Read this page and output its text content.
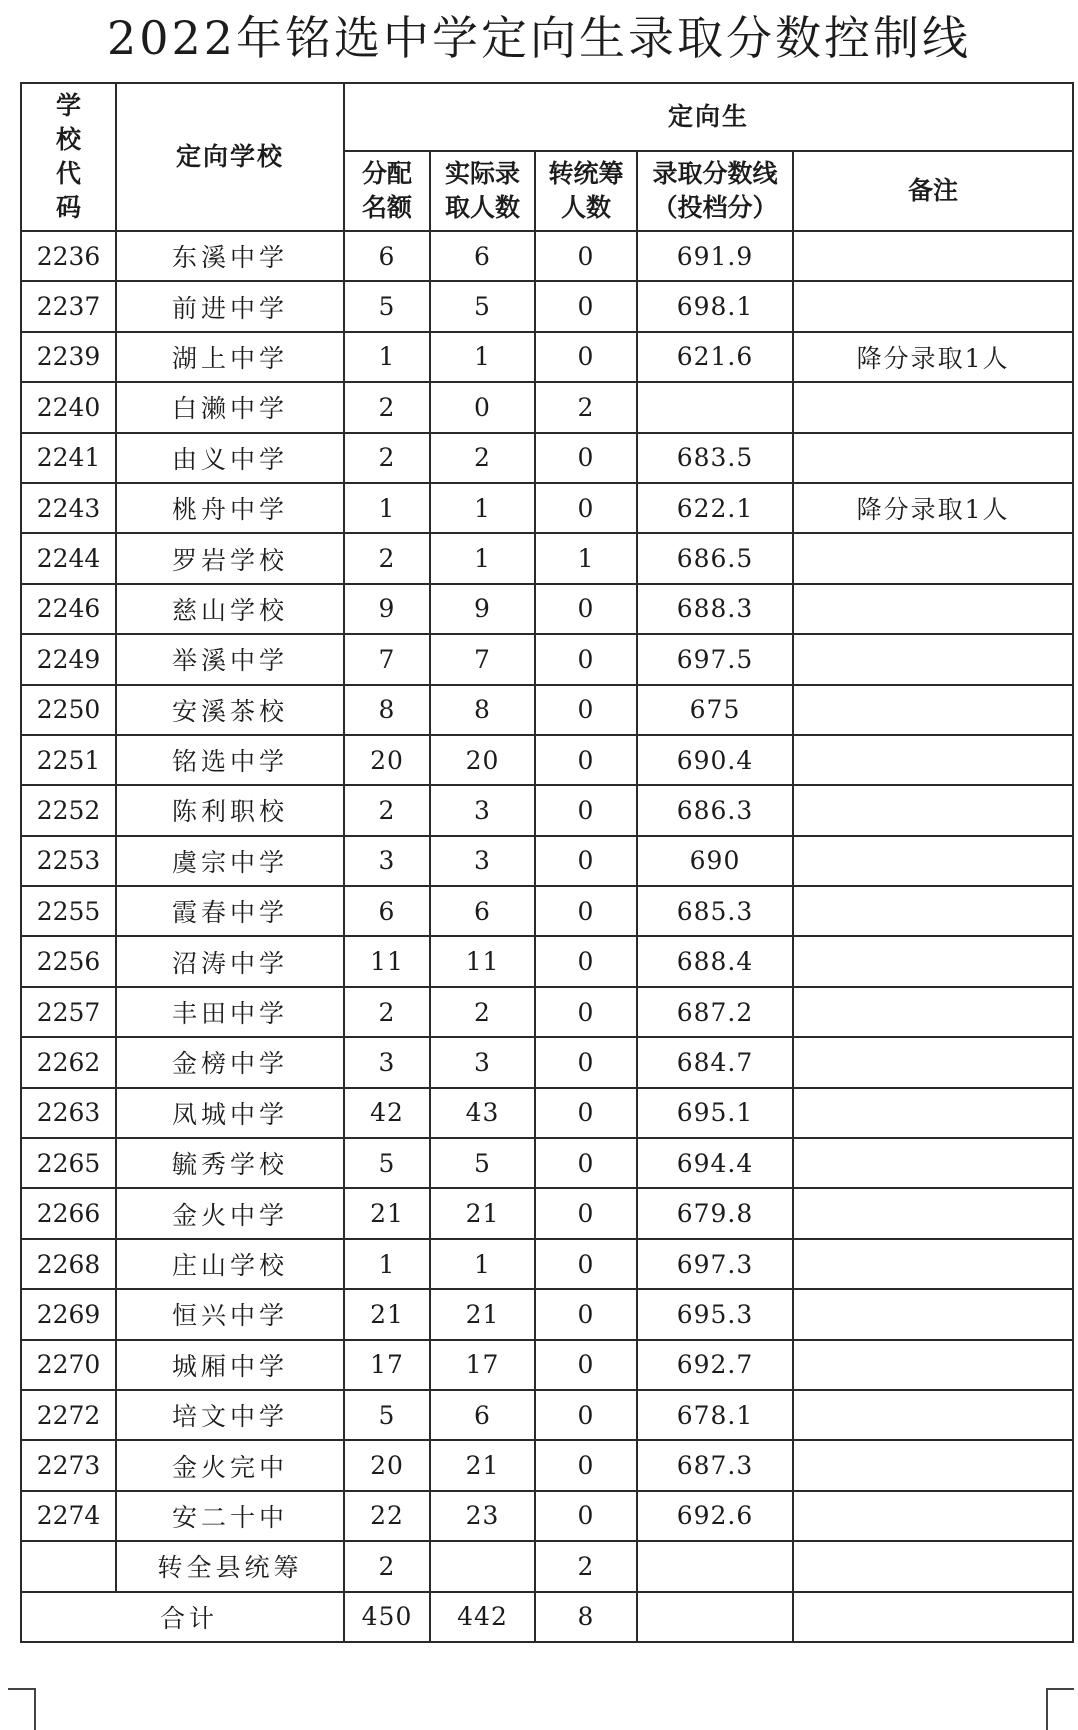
2022年铭选中学定向生录取分数控制线
学校代码	定向学校	定向生				
		分配名额	实际录取人数	转统筹人数	录取分数线（投档分）	备注
2236	东溪中学	6	6	0	691.9	
2237	前进中学	5	5	0	698.1	
2239	湖上中学	1	1	0	621.6	降分录取1人
2240	白濑中学	2	0	2		
2241	由义中学	2	2	0	683.5	
2243	桃舟中学	1	1	0	622.1	降分录取1人
2244	罗岩学校	2	1	1	686.5	
2246	慈山学校	9	9	0	688.3	
2249	举溪中学	7	7	0	697.5	
2250	安溪茶校	8	8	0	675	
2251	铭选中学	20	20	0	690.4	
2252	陈利职校	2	3	0	686.3	
2253	虞宗中学	3	3	0	690	
2255	霞春中学	6	6	0	685.3	
2256	沼涛中学	11	11	0	688.4	
2257	丰田中学	2	2	0	687.2	
2262	金榜中学	3	3	0	684.7	
2263	凤城中学	42	43	0	695.1	
2265	毓秀学校	5	5	0	694.4	
2266	金火中学	21	21	0	679.8	
2268	庄山学校	1	1	0	697.3	
2269	恒兴中学	21	21	0	695.3	
2270	城厢中学	17	17	0	692.7	
2272	培文中学	5	6	0	678.1	
2273	金火完中	20	21	0	687.3	
2274	安二十中	22	23	0	692.6	
	转全县统筹	2		2		
合计		450	442	8		
